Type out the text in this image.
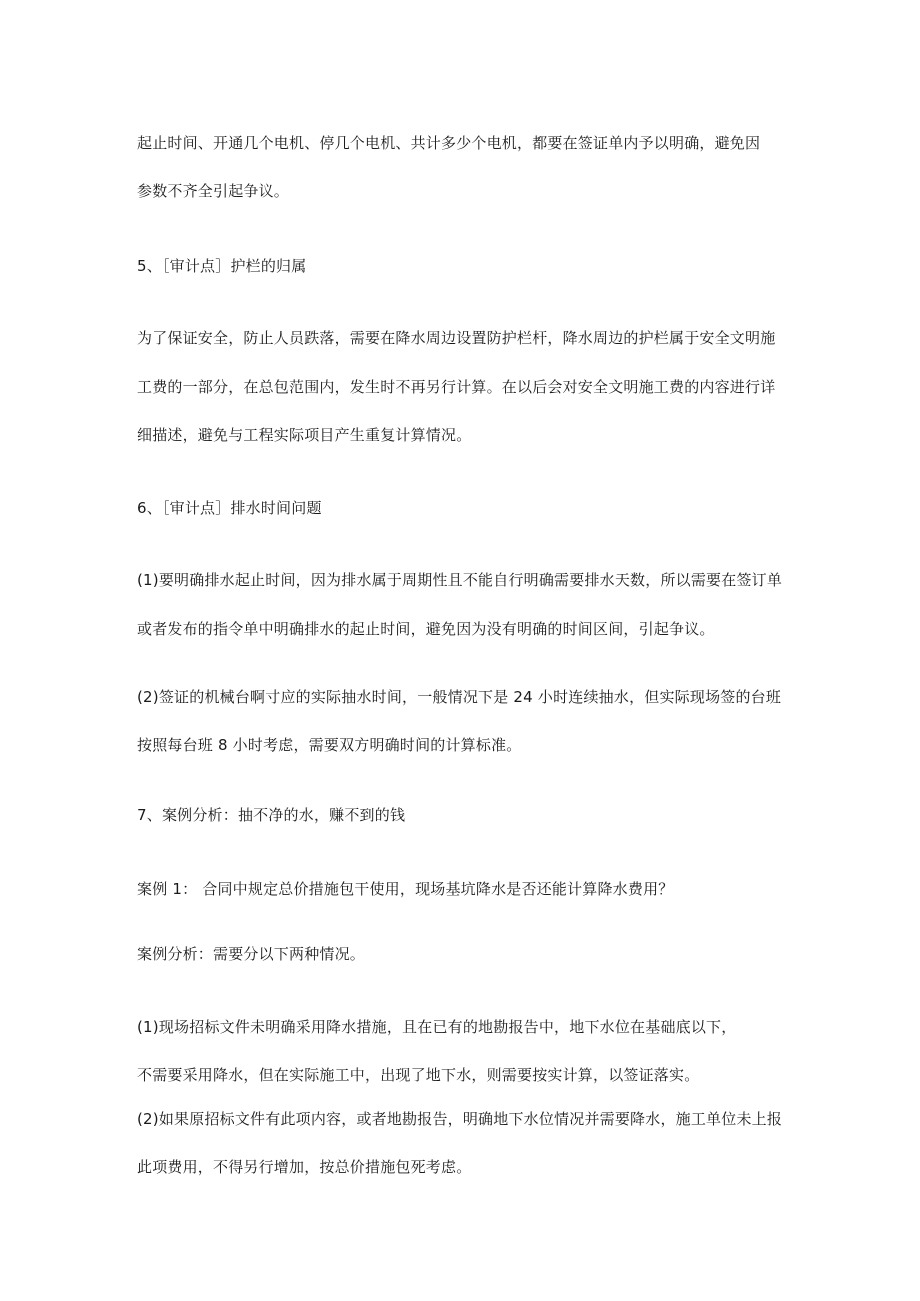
起止时间、开通几个电机、停几个电机、共计多少个电机，都要在签证单内予以明确，避免因
参数不齐全引起争议。
5、［审计点］护栏的归属
为了保证安全，防止人员跌落，需要在降水周边设置防护栏杆，降水周边的护栏属于安全文明施
工费的一部分，在总包范围内，发生时不再另行计算。在以后会对安全文明施工费的内容进行详
细描述，避免与工程实际项目产生重复计算情况。
6、［审计点］排水时间问题
(1)要明确排水起止时间，因为排水属于周期性且不能自行明确需要排水天数，所以需要在签订单
或者发布的指令单中明确排水的起止时间，避免因为没有明确的时间区间，引起争议。
(2)签证的机械台啊寸应的实际抽水时间，一般情况下是 24 小时连续抽水，但实际现场签的台班
按照每台班 8 小时考虑，需要双方明确时间的计算标准。
7、案例分析：抽不净的水，赚不到的钱
案例 1： 合同中规定总价措施包干使用，现场基坑降水是否还能计算降水费用？
案例分析：需要分以下两种情况。
(1)现场招标文件未明确采用降水措施，且在已有的地勘报告中，地下水位在基础底以下，
不需要采用降水，但在实际施工中，出现了地下水，则需要按实计算，以签证落实。
(2)如果原招标文件有此项内容，或者地勘报告，明确地下水位情况并需要降水，施工单位未上报
此项费用，不得另行增加，按总价措施包死考虑。
